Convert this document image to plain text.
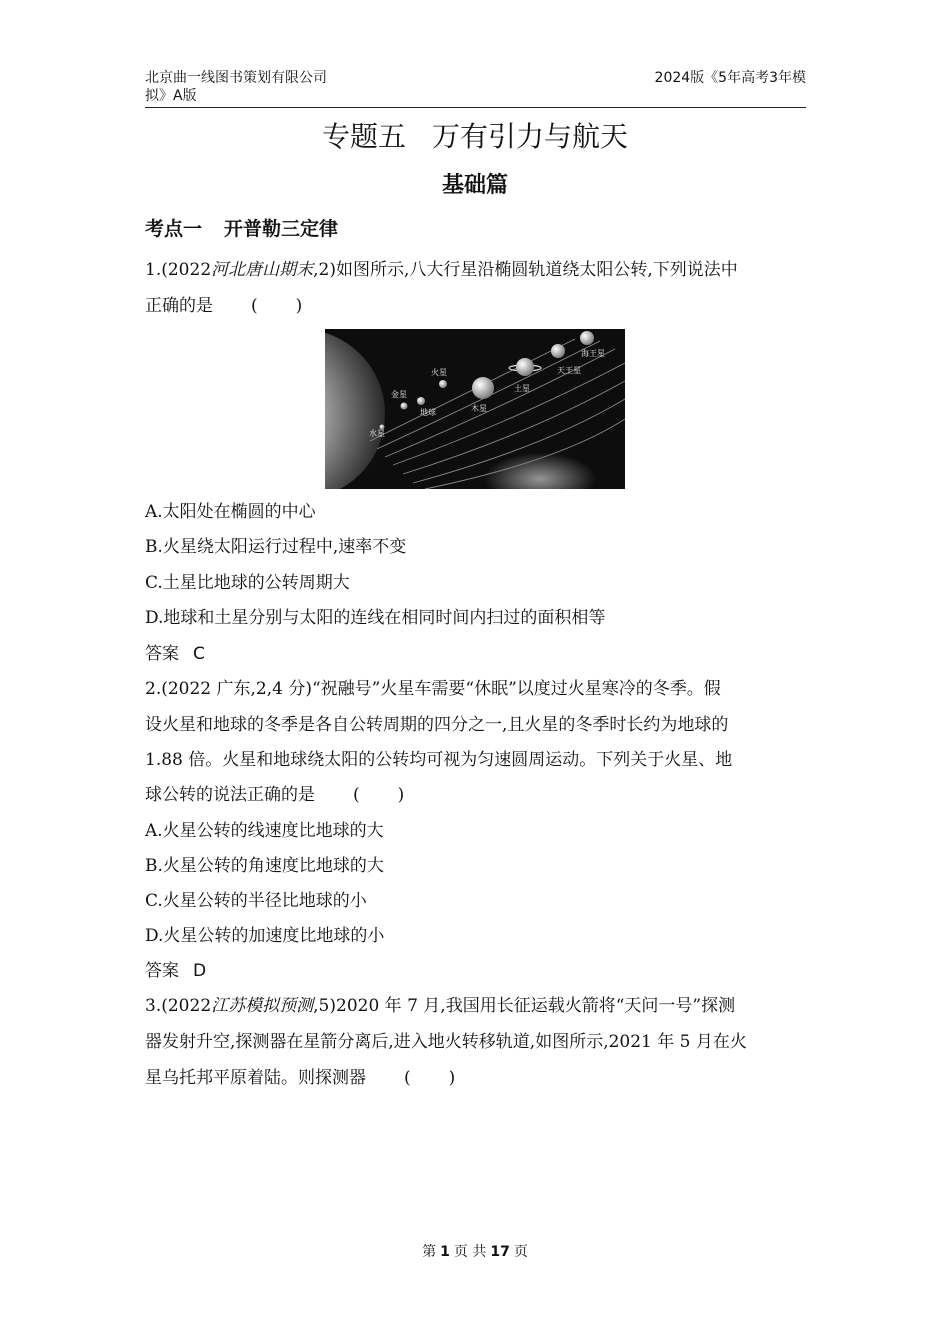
北京曲一线图书策划有限公司	2024版《5年高考3年模
拟》A版
专题五 万有引力与航天
基础篇
考点一 开普勒三定律
1.(2022河北唐山期末,2)如图所示,八大行星沿椭圆轨道绕太阳公转,下列说法中
正确的是 ( )
水星
金星
地球
火星
木星
土星
天王星
海王星
A.太阳处在椭圆的中心
B.火星绕太阳运行过程中,速率不变
C.土星比地球的公转周期大
D.地球和土星分别与太阳的连线在相同时间内扫过的面积相等
答案 C
2.(2022 广东,2,4 分)“祝融号”火星车需要“休眠”以度过火星寒冷的冬季。假
设火星和地球的冬季是各自公转周期的四分之一,且火星的冬季时长约为地球的
1.88 倍。火星和地球绕太阳的公转均可视为匀速圆周运动。下列关于火星、地
球公转的说法正确的是 ( )
A.火星公转的线速度比地球的大
B.火星公转的角速度比地球的大
C.火星公转的半径比地球的小
D.火星公转的加速度比地球的小
答案 D
3.(2022江苏模拟预测,5)2020 年 7 月,我国用长征运载火箭将“天问一号”探测
器发射升空,探测器在星箭分离后,进入地火转移轨道,如图所示,2021 年 5 月在火
星乌托邦平原着陆。则探测器 ( )
第 1 页 共 17 页
